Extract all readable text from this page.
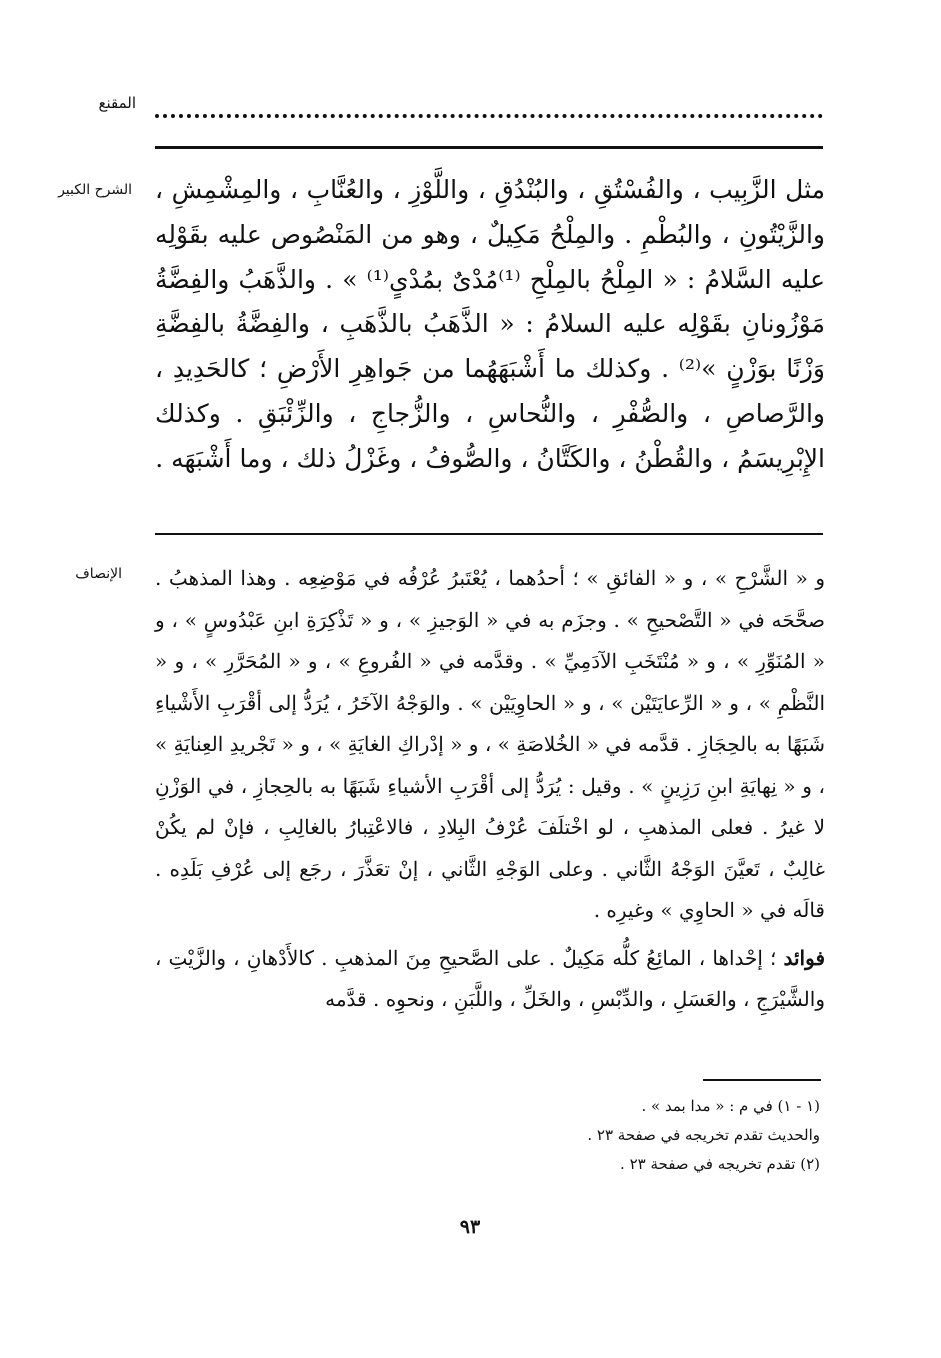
المقنع
الشرح الكبير مثل الزَّبِيب ، والفُسْتُقِ ، والبُنْدُقِ ، واللَّوْزِ ، والعُنَّابِ ، والمِشْمِشِ ، والزَّيْتُونِ ، والبُطْمِ . والمِلْحُ مَكِيلٌ ، وهو من المَنْصُوص عليه بقَوْلِه عليه السَّلامُ : « المِلْحُ بالمِلْحِ ⁽¹⁾مُدْىٌ بمُدْىٍ⁽¹⁾ » . والذَّهَبُ والفِضَّةُ مَوْزُونانِ بقَوْلِه عليه السلامُ : « الذَّهَبُ بالذَّهَبِ ، والفِضَّةُ بالفِضَّةِ وَزْنًا بوَزْنٍ »⁽²⁾ . وكذلك ما أَشْبَهَهُما من جَواهِرِ الأَرْضِ ؛ كالحَدِيدِ ، والرَّصاصِ ، والصُّفْرِ ، والنُّحاسِ ، والزُّجاجِ ، والزِّئْبَقِ . وكذلك الإِبْرِيسَمُ ، والقُطْنُ ، والكَتَّانُ ، والصُّوفُ ، وغَزْلُ ذلك ، وما أَشْبَهَه .

الإنصاف و « الشَّرْحِ » ، و « الفائقِ » ؛ أحدُهما ، يُعْتَبرُ عُرْفُه في مَوْضِعِه . وهذا المذهبُ . صحَّحَه في « التَّصْحيحِ » . وجزَم به في « الوَجيزِ » ، و « تَذْكِرَةِ ابنِ عَبْدُوسٍ » ، و « المُنَوِّرِ » ، و « مُنْتَخَبِ الآدَمِيِّ » . وقدَّمه في « الفُروعِ » ، و « المُحَرَّرِ » ، و « النَّظْمِ » ، و « الرِّعايَتَيْن » ، و « الحاوِيَيْن » . والوَجْهُ الآخَرُ ، يُرَدُّ إلى أقْرَبِ الأَشْياءِ شَبَهًا به بالحِجَازِ . قدَّمه في « الخُلاصَةِ » ، و « إدْراكِ الغايَةِ » ، و « تَجْريدِ العِنايَةِ » ، و « نِهايَةِ ابنِ رَزِينٍ » . وقيل : يُرَدُّ إلى أقْرَبِ الأشياءِ شَبَهًا به بالحِجازِ ، في الوَزْنِ لا غيرُ . فعلى المذهبِ ، لو اخْتلَفَ عُرْفُ البِلادِ ، فالاعْتِبارُ بالغالِبِ ، فإنْ لم يكُنْ غالِبٌ ، تَعيَّنَ الوَجْهُ الثَّاني . وعلى الوَجْهِ الثَّاني ، إنْ تعَذَّرَ ، رجَع إلى عُرْفِ بَلَدِه . قالَه في « الحاوِي » وغيرِه .

فوائد ؛ إحْداها ، المائِعُ كلُّه مَكِيلٌ . على الصَّحيحِ مِنَ المذهبِ . كالأَدْهانِ ، والزَّيْتِ ، والشَّيْرَجِ ، والعَسَلِ ، والدِّبْسِ ، والخَلِّ ، واللَّبَنِ ، ونحوِه . قدَّمه

(١ - ١) في م : « مدا بمد » .
والحديث تقدم تخريجه في صفحة ٢٣ .
(٢) تقدم تخريجه في صفحة ٢٣ .
٩٣
